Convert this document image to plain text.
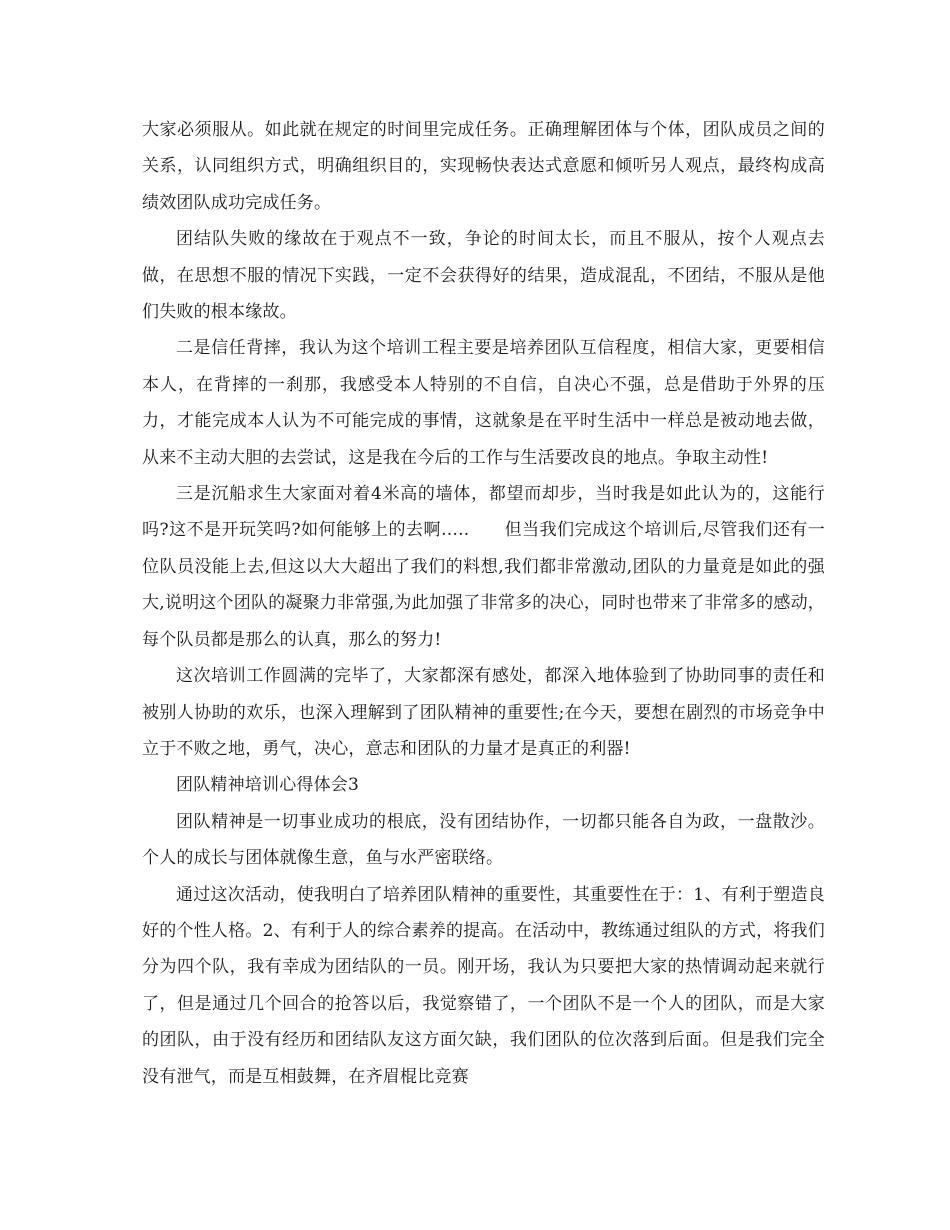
大家必须服从。如此就在规定的时间里完成任务。正确理解团体与个体，团队成员之间的关系，认同组织方式，明确组织目的，实现畅快表达式意愿和倾听另人观点，最终构成高绩效团队成功完成任务。

团结队失败的缘故在于观点不一致，争论的时间太长，而且不服从，按个人观点去做，在思想不服的情况下实践，一定不会获得好的结果，造成混乱，不团结，不服从是他们失败的根本缘故。

二是信任背摔，我认为这个培训工程主要是培养团队互信程度，相信大家，更要相信本人，在背摔的一刹那，我感受本人特别的不自信，自决心不强，总是借助于外界的压力，才能完成本人认为不可能完成的事情，这就象是在平时生活中一样总是被动地去做，从来不主动大胆的去尝试，这是我在今后的工作与生活要改良的地点。争取主动性!

三是沉船求生大家面对着4米高的墙体，都望而却步，当时我是如此认为的，这能行吗?这不是开玩笑吗?如何能够上的去啊…..　　但当我们完成这个培训后,尽管我们还有一位队员没能上去,但这以大大超出了我们的料想,我们都非常激动,团队的力量竟是如此的强大,说明这个团队的凝聚力非常强,为此加强了非常多的决心，同时也带来了非常多的感动，每个队员都是那么的认真，那么的努力!

这次培训工作圆满的完毕了，大家都深有感处，都深入地体验到了协助同事的责任和被别人协助的欢乐，也深入理解到了团队精神的重要性;在今天，要想在剧烈的市场竞争中立于不败之地，勇气，决心，意志和团队的力量才是真正的利器!

团队精神培训心得体会3

团队精神是一切事业成功的根底，没有团结协作，一切都只能各自为政，一盘散沙。个人的成长与团体就像生意，鱼与水严密联络。

通过这次活动，使我明白了培养团队精神的重要性，其重要性在于：1、有利于塑造良好的个性人格。2、有利于人的综合素养的提高。在活动中，教练通过组队的方式，将我们分为四个队，我有幸成为团结队的一员。刚开场，我认为只要把大家的热情调动起来就行了，但是通过几个回合的抢答以后，我觉察错了，一个团队不是一个人的团队，而是大家的团队，由于没有经历和团结队友这方面欠缺，我们团队的位次落到后面。但是我们完全没有泄气，而是互相鼓舞，在齐眉棍比竞赛
